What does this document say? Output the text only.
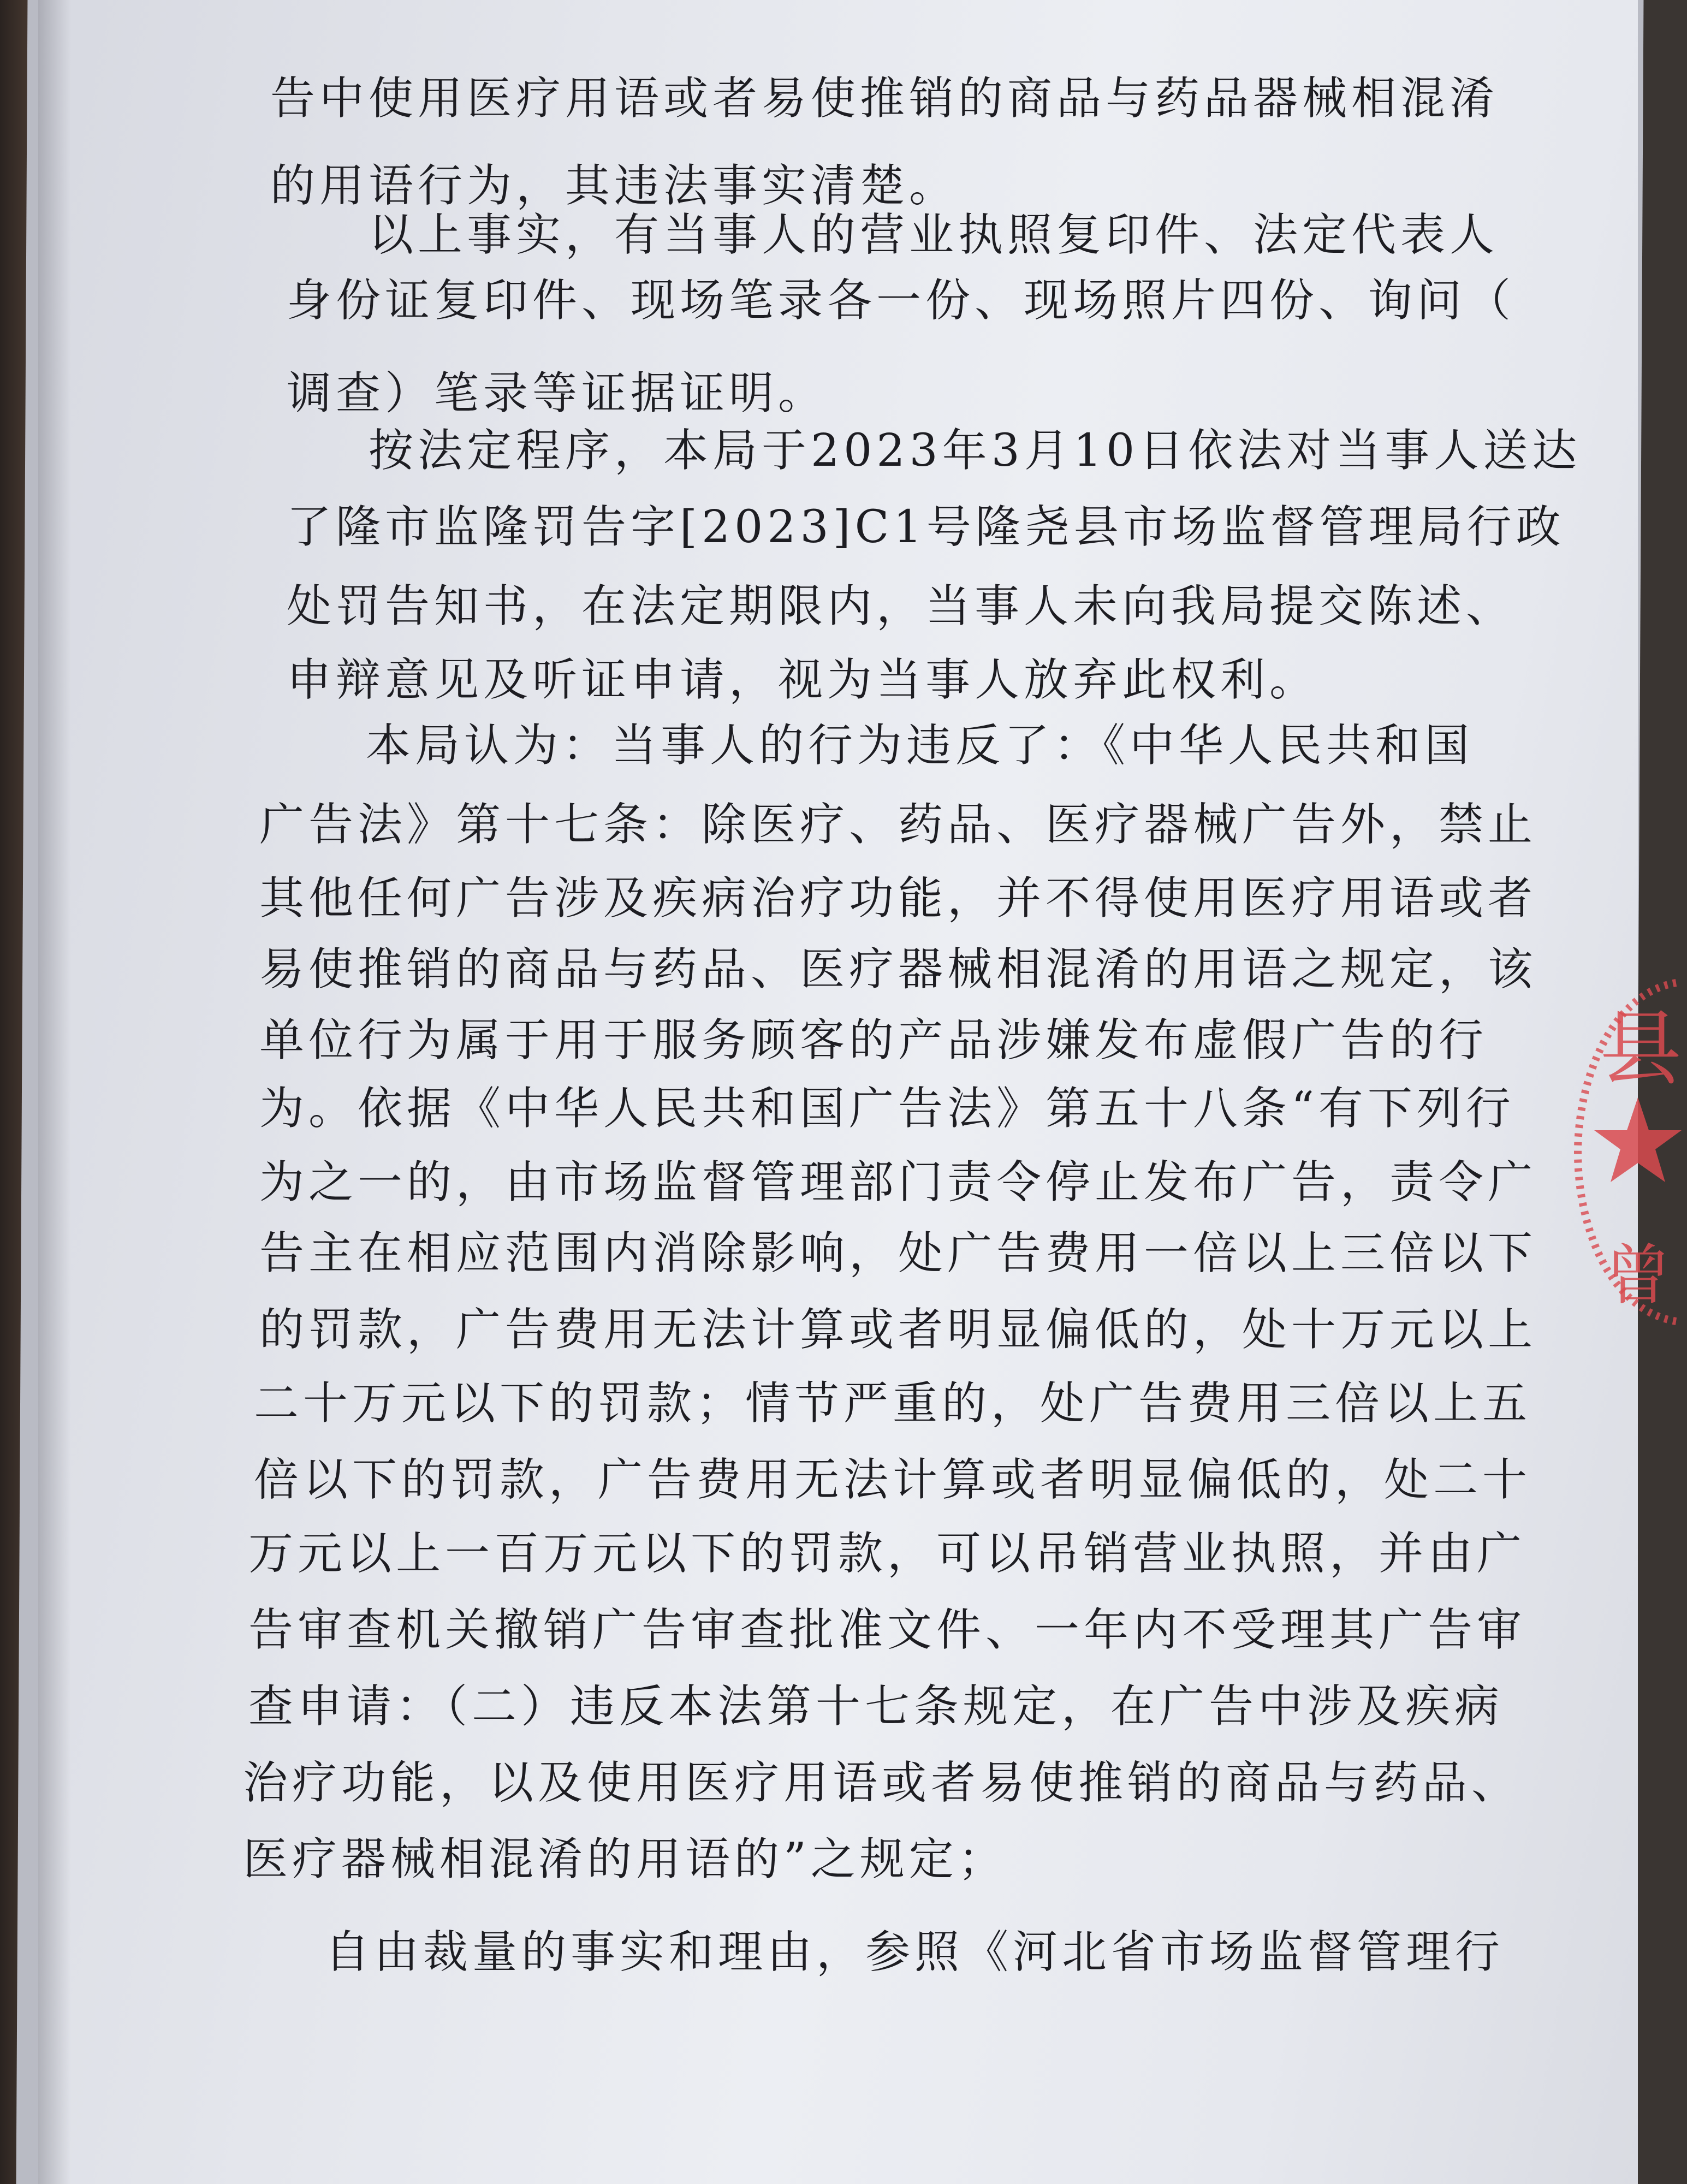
告中使用医疗用语或者易使推销的商品与药品器械相混淆
的用语行为，其违法事实清楚。
以上事实，有当事人的营业执照复印件、法定代表人
身份证复印件、现场笔录各一份、现场照片四份、询问（
调查）笔录等证据证明。
按法定程序，本局于2023年3月10日依法对当事人送达
了隆市监隆罚告字[2023]C1号隆尧县市场监督管理局行政
处罚告知书，在法定期限内，当事人未向我局提交陈述、
申辩意见及听证申请，视为当事人放弃此权利。
本局认为：当事人的行为违反了：《中华人民共和国
广告法》第十七条：除医疗、药品、医疗器械广告外，禁止
其他任何广告涉及疾病治疗功能，并不得使用医疗用语或者
易使推销的商品与药品、医疗器械相混淆的用语之规定，该
单位行为属于用于服务顾客的产品涉嫌发布虚假广告的行
为。依据《中华人民共和国广告法》第五十八条“有下列行
为之一的，由市场监督管理部门责令停止发布广告，责令广
告主在相应范围内消除影响，处广告费用一倍以上三倍以下
的罚款，广告费用无法计算或者明显偏低的，处十万元以上
二十万元以下的罚款；情节严重的，处广告费用三倍以上五
倍以下的罚款，广告费用无法计算或者明显偏低的，处二十
万元以上一百万元以下的罚款，可以吊销营业执照，并由广
告审查机关撤销广告审查批准文件、一年内不受理其广告审
查申请：（二）违反本法第十七条规定，在广告中涉及疾病
治疗功能，以及使用医疗用语或者易使推销的商品与药品、
医疗器械相混淆的用语的”之规定；
自由裁量的事实和理由，参照《河北省市场监督管理行
县
曾
